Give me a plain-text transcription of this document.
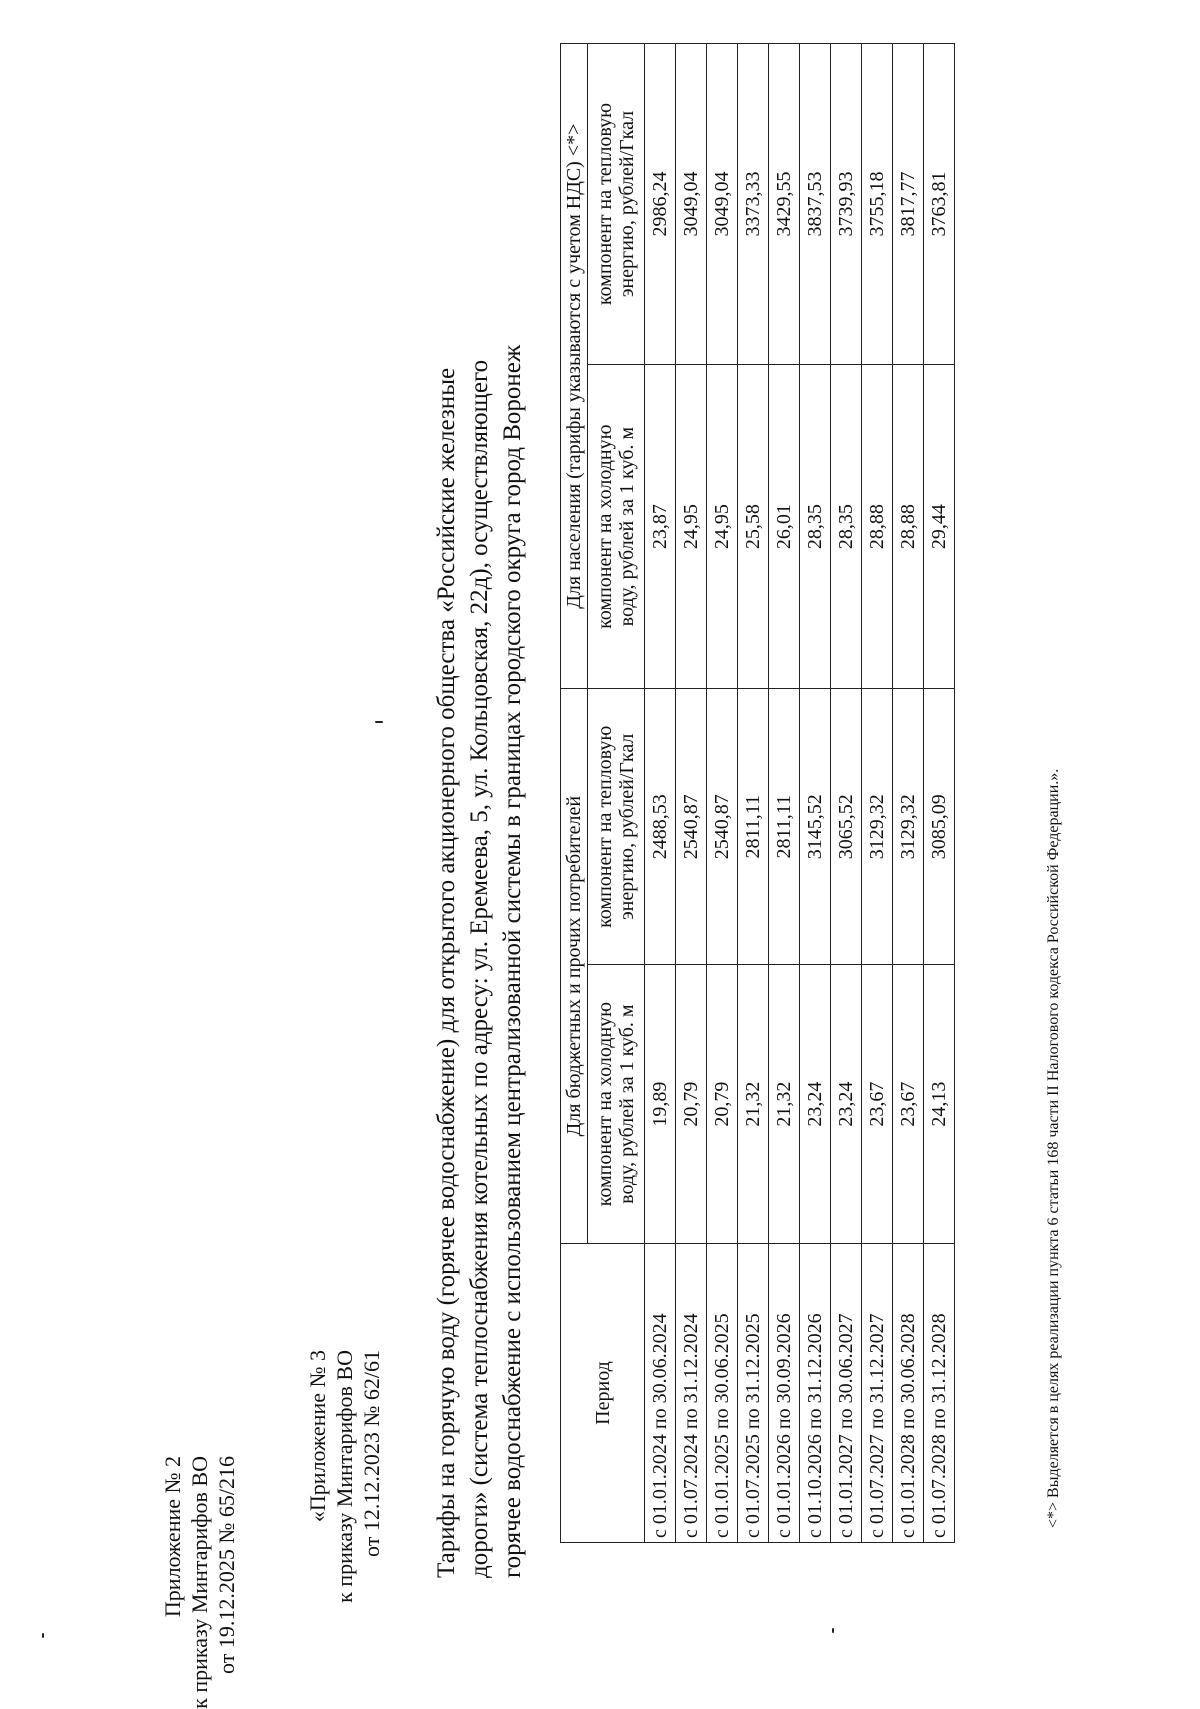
Приложение № 2 к приказу Минтарифов ВО от 19.12.2025 № 65/216
«Приложение № 3 к приказу Минтарифов ВО от 12.12.2023 № 62/61 Тарифы на горячую воду (горячее водоснабжение) для открытого акционерного общества «Российские железные дороги» (система теплоснабжения котельных по адресу: ул. Еремеева, 5, ул. Кольцовская, 22д), осуществляющего горячее водоснабжение с использованием централизованной системы в границах городского округа город Воронеж	Период	Для бюджетных и прочих потребителей		Для населения (тарифы указываются с учетом НДС) <*>	

	компонент на холодную воду, рублей за 1 куб. м	компонент на тепловую энергию, рублей/Гкал	компонент на холодную воду, рублей за 1 куб. м	компонент на тепловую энергию, рублей/Гкал

с 01.01.2024 по 30.06.2024	19,89	2488,53	23,87	2986,24
с 01.07.2024 по 31.12.2024	20,79	2540,87	24,95	3049,04
с 01.01.2025 по 30.06.2025	20,79	2540,87	24,95	3049,04
с 01.07.2025 по 31.12.2025	21,32	2811,11	25,58	3373,33
с 01.01.2026 по 30.09.2026	21,32	2811,11	26,01	3429,55
с 01.10.2026 по 31.12.2026	23,24	3145,52	28,35	3837,53
с 01.01.2027 по 30.06.2027	23,24	3065,52	28,35	3739,93
с 01.07.2027 по 31.12.2027	23,67	3129,32	28,88	3755,18
с 01.01.2028 по 30.06.2028	23,67	3129,32	28,88	3817,77
с 01.07.2028 по 31.12.2028	24,13	3085,09	29,44	3763,81
<*> Выделяется в целях реализации пункта 6 статьи 168 части II Налогового кодекса Российской Федерации.».
